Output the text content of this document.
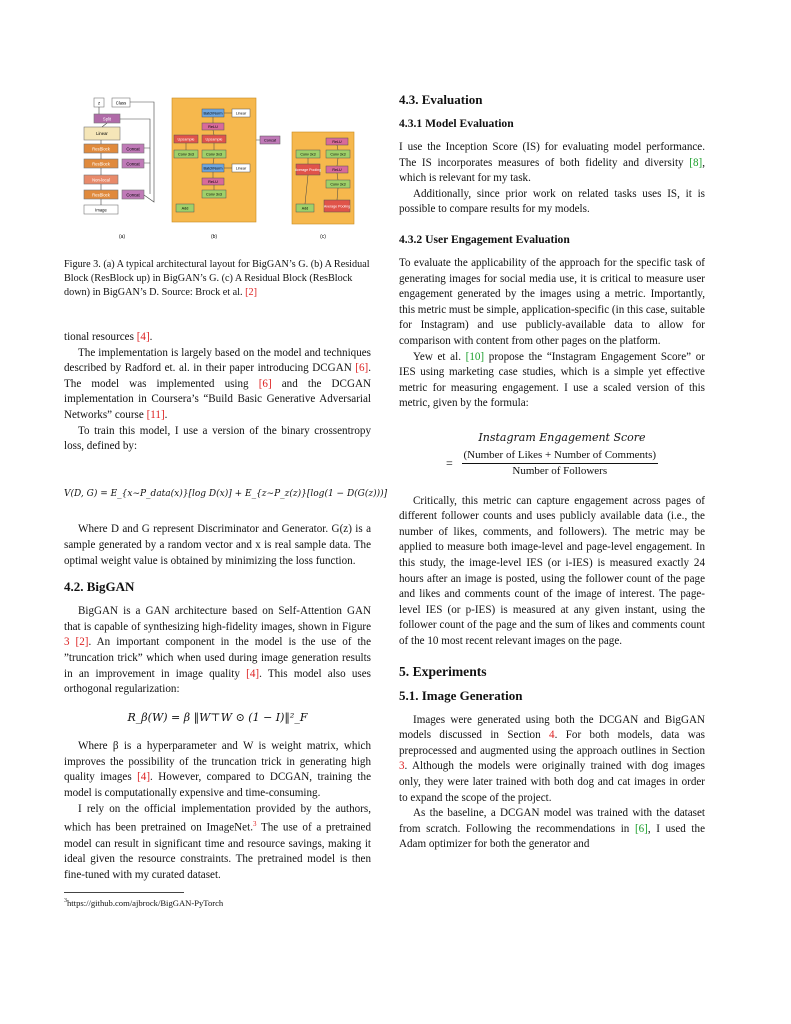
z	Class
Split
Linear
ResBlock	Concat
ResBlock	Concat
Non-local
ResBlock	Concat
Image
(a)
BatchNorm	Linear
ReLU
Upsample	Upsample
Conv 3x3	Conv 3x3
BatchNorm	Linear
ReLU
Conv 3x3
Add
Concat
(b)
ReLU
Conv 3x3	Conv 3x3
Average Pooling	ReLU
Conv 3x3
Add	Average Pooling
(c)

Figure 3. (a) A typical architectural layout for BigGAN’s G. (b) A Residual Block (ResBlock up) in BigGAN’s G. (c) A Residual Block (ResBlock down) in BigGAN’s D. Source: Brock et al. [2]

tional resources [4].

The implementation is largely based on the model and techniques described by Radford et. al. in their paper introducing DCGAN [6]. The model was implemented using [6] and the DCGAN implementation in Coursera’s “Build Basic Generative Adversarial Networks” course [11].

To train this model, I use a version of the binary crossentropy loss, defined by:

V(D, G) = E_{x∼P_data(x)}[log D(x)] + E_{z∼P_z(z)}[log(1 − D(G(z)))]

Where D and G represent Discriminator and Generator. G(z) is a sample generated by a random vector and x is real sample data. The optimal weight value is obtained by minimizing the loss function.

4.2. BigGAN

BigGAN is a GAN architecture based on Self-Attention GAN that is capable of synthesizing high-fidelity images, shown in Figure 3 [2]. An important component in the model is the use of the ”truncation trick” which when used during image generation results in an improvement in image quality [4]. This model also uses orthogonal regularization:

R_β(W) = β ‖W⊤W ⊙ (1 − I)‖²_F

Where β is a hyperparameter and W is weight matrix, which improves the possibility of the truncation trick in generating high quality images [4]. However, compared to DCGAN, training the model is computationally expensive and time-consuming.

I rely on the official implementation provided by the authors, which has been pretrained on ImageNet.$^3$ The use of a pretrained model can result in significant time and resource savings, making it ideal given the resource constraints. The pretrained model is then fine-tuned with my curated dataset.

$^3$https://github.com/ajbrock/BigGAN-PyTorch

4.3. Evaluation
4.3.1 Model Evaluation

I use the Inception Score (IS) for evaluating model performance. The IS incorporates measures of both fidelity and diversity [8], which is relevant for my task.

Additionally, since prior work on related tasks uses IS, it is possible to compare results for my models.

4.3.2 User Engagement Evaluation

To evaluate the applicability of the approach for the specific task of generating images for social media use, it is critical to measure user engagement generated by the images using a metric. Importantly, this metric must be simple, application-specific (in this case, suitable for Instagram) and use publicly-available data to allow for comparison with content from other pages on the platform.

Yew et al. [10] propose the “Instagram Engagement Score” or IES using marketing case studies, which is a simple yet effective metric for measuring engagement. I use a scaled version of this metric, given by the formula:

Instagram Engagement Score
= $\frac{\text{(Number of Likes + Number of Comments)}}{\text{Number of Followers}}$

Critically, this metric can capture engagement across pages of different follower counts and uses publicly available data (i.e., the number of likes, comments, and followers). The metric may be applied to measure both image-level and page-level engagement. In this study, the image-level IES (or i-IES) is measured exactly 24 hours after an image is posted, using the follower count of the page and likes and comments count of the image of interest. The page-level IES (or p-IES) is measured at any given instant, using the follower count of the page and the sum of likes and comments count of the 10 most recent relevant images on the page.

5. Experiments
5.1. Image Generation

Images were generated using both the DCGAN and BigGAN models discussed in Section 4. For both models, data was preprocessed and augmented using the approach outlines in Section 3. Although the models were originally trained with dog images only, they were later trained with both dog and cat images in order to expand the scope of the project.

As the baseline, a DCGAN model was trained with the dataset from scratch. Following the recommendations in [6], I used the Adam optimizer for both the generator and
